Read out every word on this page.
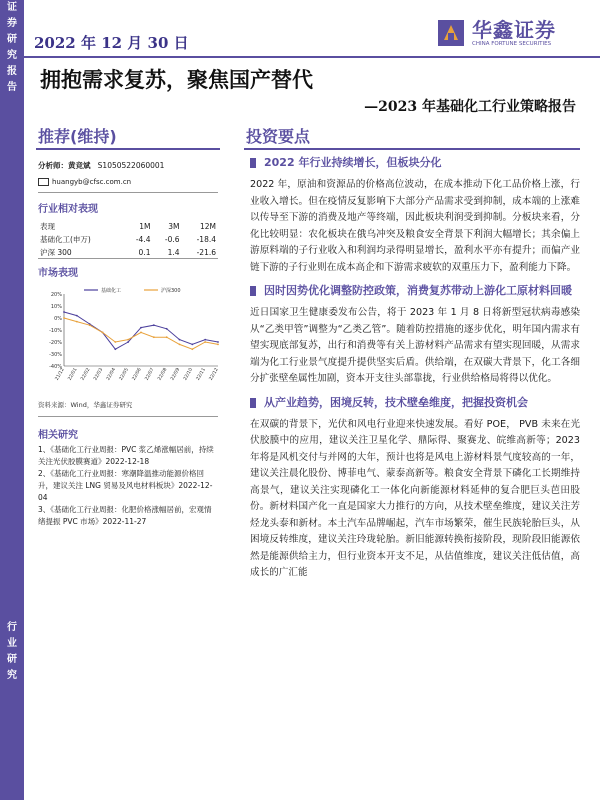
证
券
研
究
报
告
行
业
研
究
2022 年 12 月 30 日
华鑫证券
CHINA FORTUNE SECURITIES
拥抱需求复苏，聚焦国产替代
—2023 年基础化工行业策略报告
推荐(维持)	投资要点
分析师：黄竞斌 S1050522060001
huangyb@cfsc.com.cn
行业相对表现
表现	1M	3M	12M
基础化工(申万)	-4.4	-0.6	-18.4
沪深 300	0.1	1.4	-21.6
市场表现
20%
10%
0%
-10%
-20%
-30%
-40%
21/12 22/01 22/02 22/03 22/04 22/05 22/06 22/07 22/08 22/09 22/10 22/11 22/12
基础化工	沪深300
资料来源：Wind，华鑫证券研究
相关研究
1、《基础化工行业周报：PVC 浆乙烯涨幅居前，持续关注光伏胶膜赛道》2022-12-18
2、《基础化工行业周报：寒潮降温推动能源价格回升，建议关注 LNG 贸易及风电材料板块》2022-12-04
3、《基础化工行业周报：化肥价格涨幅居前，宏观情绪提振 PVC 市场》2022-11-27
2022 年行业持续增长，但板块分化

2022 年，原油和资源品的价格高位波动，在成本推动下化工品价格上涨，行业收入增长。但在疫情反复影响下大部分产品需求受到抑制，成本端的上涨难以传导至下游的消费及地产等终端，因此板块利润受到抑制。分板块来看，分化比较明显：农化板块在俄乌冲突及粮食安全背景下利润大幅增长；其余偏上游原料端的子行业收入和利润均录得明显增长，盈利水平亦有提升；而偏产业链下游的子行业则在成本高企和下游需求疲软的双重压力下，盈利能力下降。

因时因势优化调整防控政策，消费复苏带动上游化工原材料回暖

近日国家卫生健康委发布公告，将于 2023 年 1 月 8 日将新型冠状病毒感染从“乙类甲管”调整为“乙类乙管”。随着防控措施的逐步优化，明年国内需求有望实现底部复苏，出行和消费等有关上游材料产品需求有望实现回暖，从需求端为化工行业景气度提升提供坚实后盾。供给端，在双碳大背景下，化工各细分扩张壁垒属性加剧，资本开支往头部靠拢，行业供给格局将得以优化。

从产业趋势，困境反转，技术壁垒维度，把握投资机会

在双碳的背景下，光伏和风电行业迎来快速发展。看好 POE， PVB 未来在光伏胶膜中的应用，建议关注卫星化学、鼎际得、聚赛龙、皖维高新等；2023 年将是风机交付与并网的大年，预计也将是风电上游材料景气度较高的一年，建议关注晨化股份、博菲电气、蒙泰高新等。粮食安全背景下磷化工长期维持高景气，建议关注实现磷化工一体化向新能源材料延伸的复合肥巨头芭田股份。新材料国产化一直是国家大力推行的方向，从技术壁垒维度，建议关注芳烃龙头泰和新材。本土汽车品牌崛起，汽车市场繁荣，催生民族轮胎巨头，从困境反转维度，建议关注玲珑轮胎。新旧能源转换衔接阶段，现阶段旧能源依然是能源供给主力，但行业资本开支不足，从估值维度，建议关注低估值，高成长的广汇能
